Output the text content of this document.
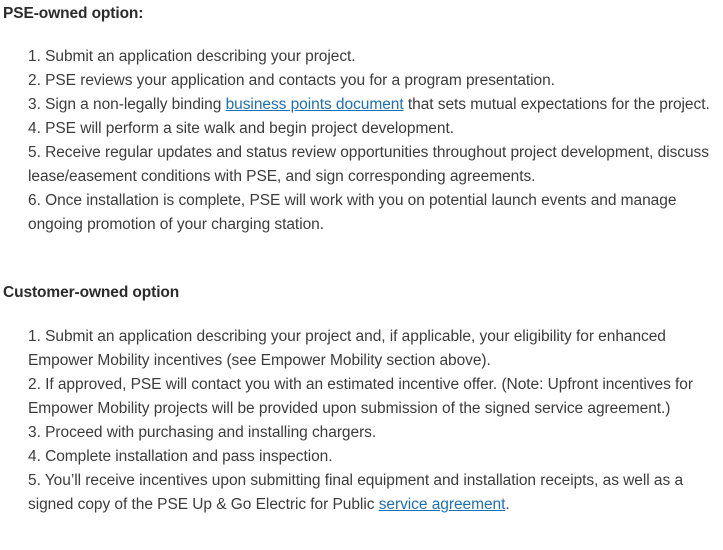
PSE-owned option:
1. Submit an application describing your project.
2. PSE reviews your application and contacts you for a program presentation.
3. Sign a non-legally binding business points document that sets mutual expectations for the project.
4. PSE will perform a site walk and begin project development.
5. Receive regular updates and status review opportunities throughout project development, discuss lease/easement conditions with PSE, and sign corresponding agreements.
6. Once installation is complete, PSE will work with you on potential launch events and manage ongoing promotion of your charging station.
Customer-owned option
1. Submit an application describing your project and, if applicable, your eligibility for enhanced Empower Mobility incentives (see Empower Mobility section above).
2. If approved, PSE will contact you with an estimated incentive offer. (Note: Upfront incentives for Empower Mobility projects will be provided upon submission of the signed service agreement.)
3. Proceed with purchasing and installing chargers.
4. Complete installation and pass inspection.
5. You’ll receive incentives upon submitting final equipment and installation receipts, as well as a signed copy of the PSE Up & Go Electric for Public service agreement.
